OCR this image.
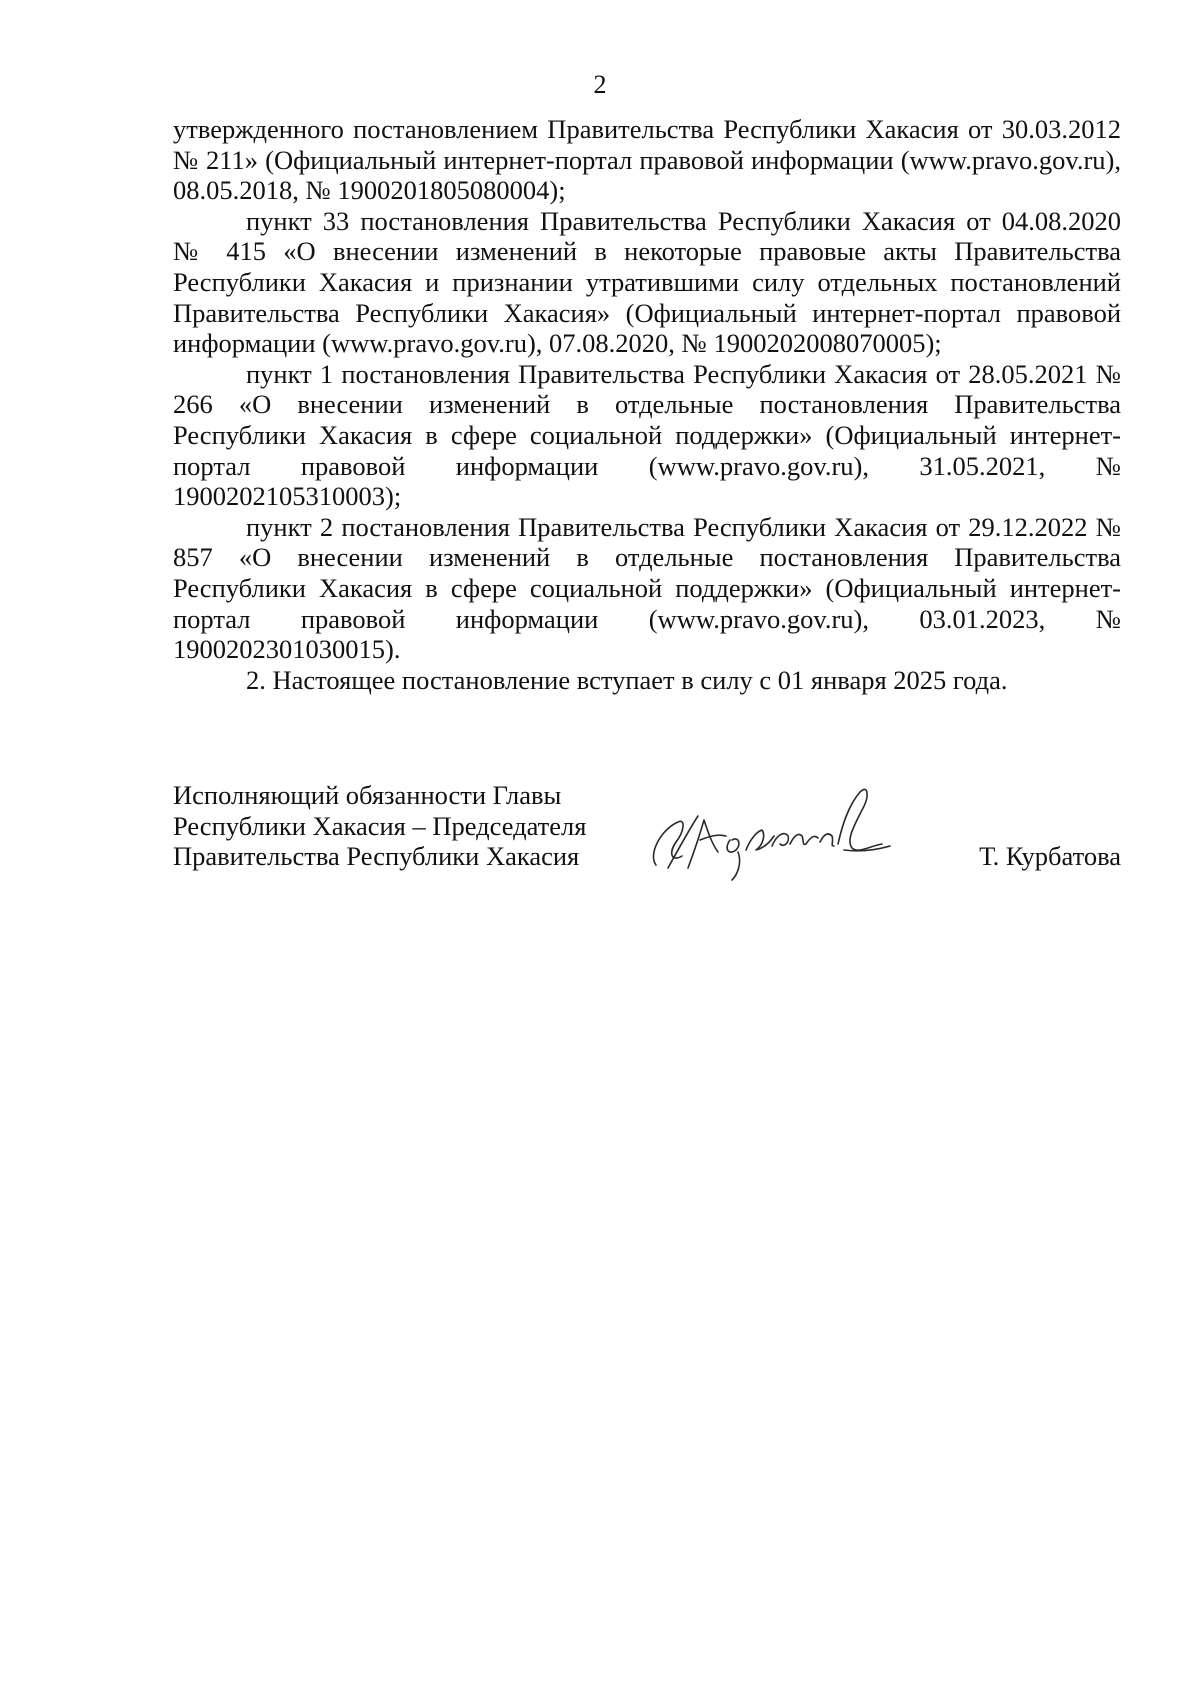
2

утвержденного постановлением Правительства Республики Хакасия от 30.03.2012 № 211» (Официальный интернет-портал правовой информации (www.pravo.gov.ru), 08.05.2018, № 1900201805080004);

пункт 33 постановления Правительства Республики Хакасия от 04.08.2020 № 415 «О внесении изменений в некоторые правовые акты Правительства Республики Хакасия и признании утратившими силу отдельных постановлений Правительства Республики Хакасия» (Официальный интернет-портал правовой информации (www.pravo.gov.ru), 07.08.2020, № 1900202008070005);

пункт 1 постановления Правительства Республики Хакасия от 28.05.2021 № 266 «О внесении изменений в отдельные постановления Правительства Республики Хакасия в сфере социальной поддержки» (Официальный интернет-портал правовой информации (www.pravo.gov.ru), 31.05.2021, № 1900202105310003);

пункт 2 постановления Правительства Республики Хакасия от 29.12.2022 № 857 «О внесении изменений в отдельные постановления Правительства Республики Хакасия в сфере социальной поддержки» (Официальный интернет-портал правовой информации (www.pravo.gov.ru), 03.01.2023, № 1900202301030015).

2. Настоящее постановление вступает в силу с 01 января 2025 года.

Исполняющий обязанности Главы
Республики Хакасия – Председателя
Правительства Республики Хакасия	Т. Курбатова
